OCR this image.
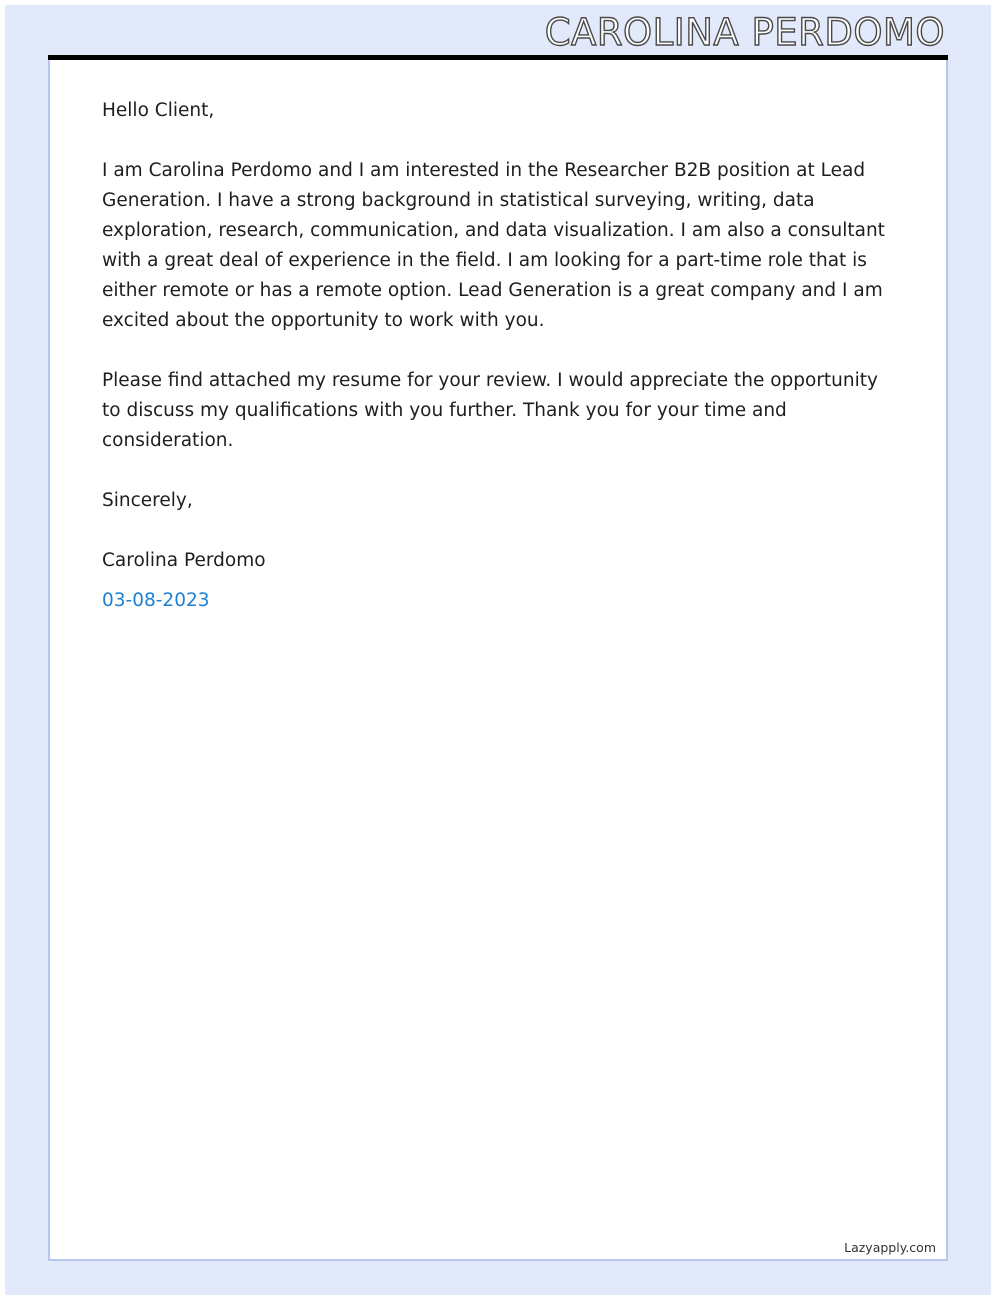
CAROLINA PERDOMO

Hello Client,

I am Carolina Perdomo and I am interested in the Researcher B2B position at Lead Generation. I have a strong background in statistical surveying, writing, data exploration, research, communication, and data visualization. I am also a consultant with a great deal of experience in the field. I am looking for a part-time role that is either remote or has a remote option. Lead Generation is a great company and I am excited about the opportunity to work with you.

Please find attached my resume for your review. I would appreciate the opportunity to discuss my qualifications with you further. Thank you for your time and consideration.

Sincerely,

Carolina Perdomo

03-08-2023

Lazyapply.com
